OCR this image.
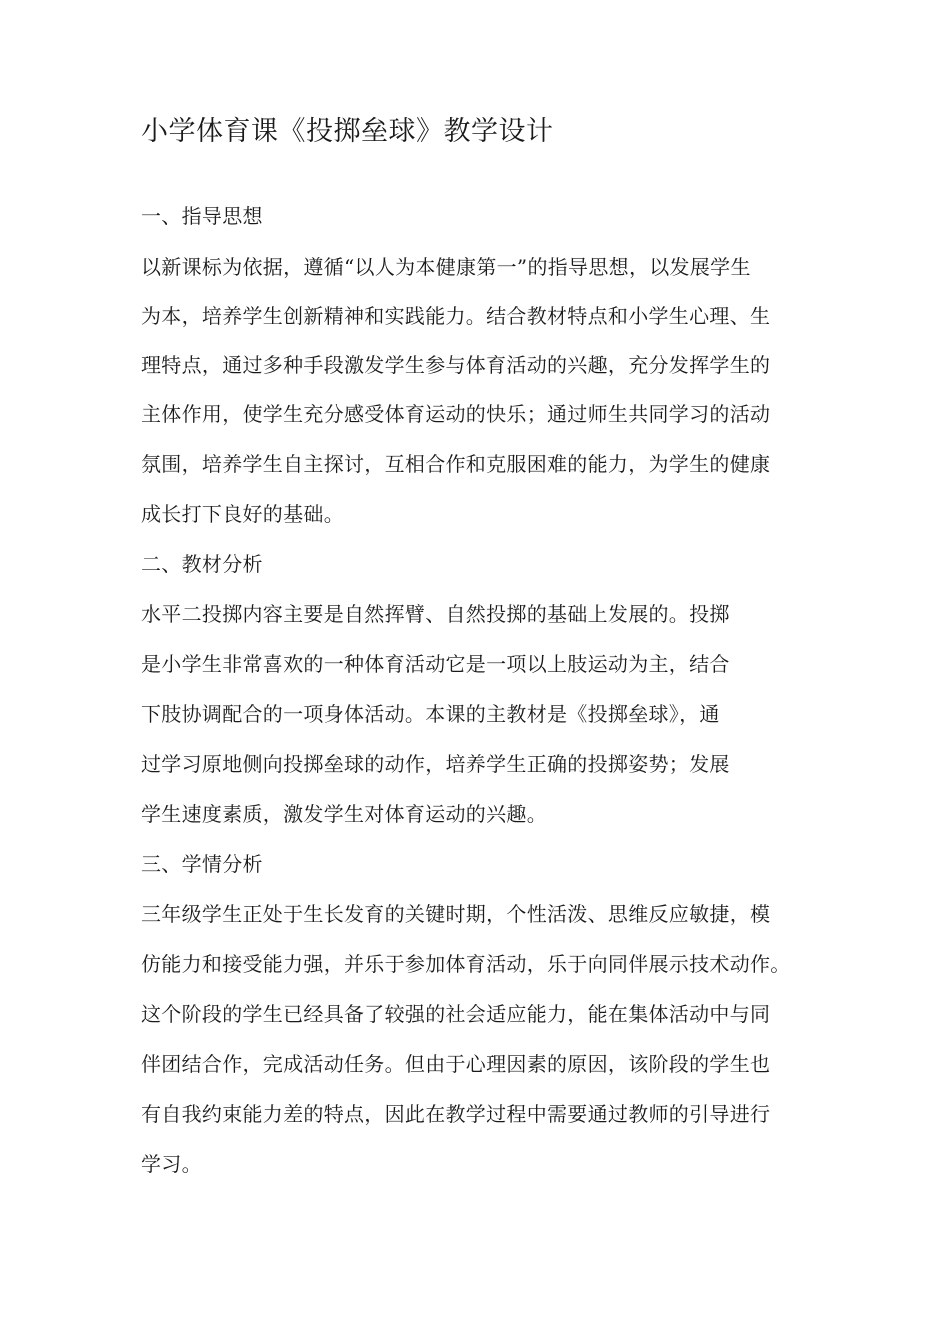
小学体育课《投掷垒球》教学设计
一、指导思想
以新课标为依据，遵循“以人为本健康第一”的指导思想，以发展学生
为本，培养学生创新精神和实践能力。结合教材特点和小学生心理、生
理特点，通过多种手段激发学生参与体育活动的兴趣，充分发挥学生的
主体作用，使学生充分感受体育运动的快乐；通过师生共同学习的活动
氛围，培养学生自主探讨，互相合作和克服困难的能力，为学生的健康
成长打下良好的基础。
二、教材分析
水平二投掷内容主要是自然挥臂、自然投掷的基础上发展的。投掷
是小学生非常喜欢的一种体育活动它是一项以上肢运动为主，结合
下肢协调配合的一项身体活动。本课的主教材是《投掷垒球》，通
过学习原地侧向投掷垒球的动作，培养学生正确的投掷姿势；发展
学生速度素质，激发学生对体育运动的兴趣。
三、学情分析
三年级学生正处于生长发育的关键时期，个性活泼、思维反应敏捷，模
仿能力和接受能力强，并乐于参加体育活动，乐于向同伴展示技术动作。
这个阶段的学生已经具备了较强的社会适应能力，能在集体活动中与同
伴团结合作，完成活动任务。但由于心理因素的原因，该阶段的学生也
有自我约束能力差的特点，因此在教学过程中需要通过教师的引导进行
学习。
